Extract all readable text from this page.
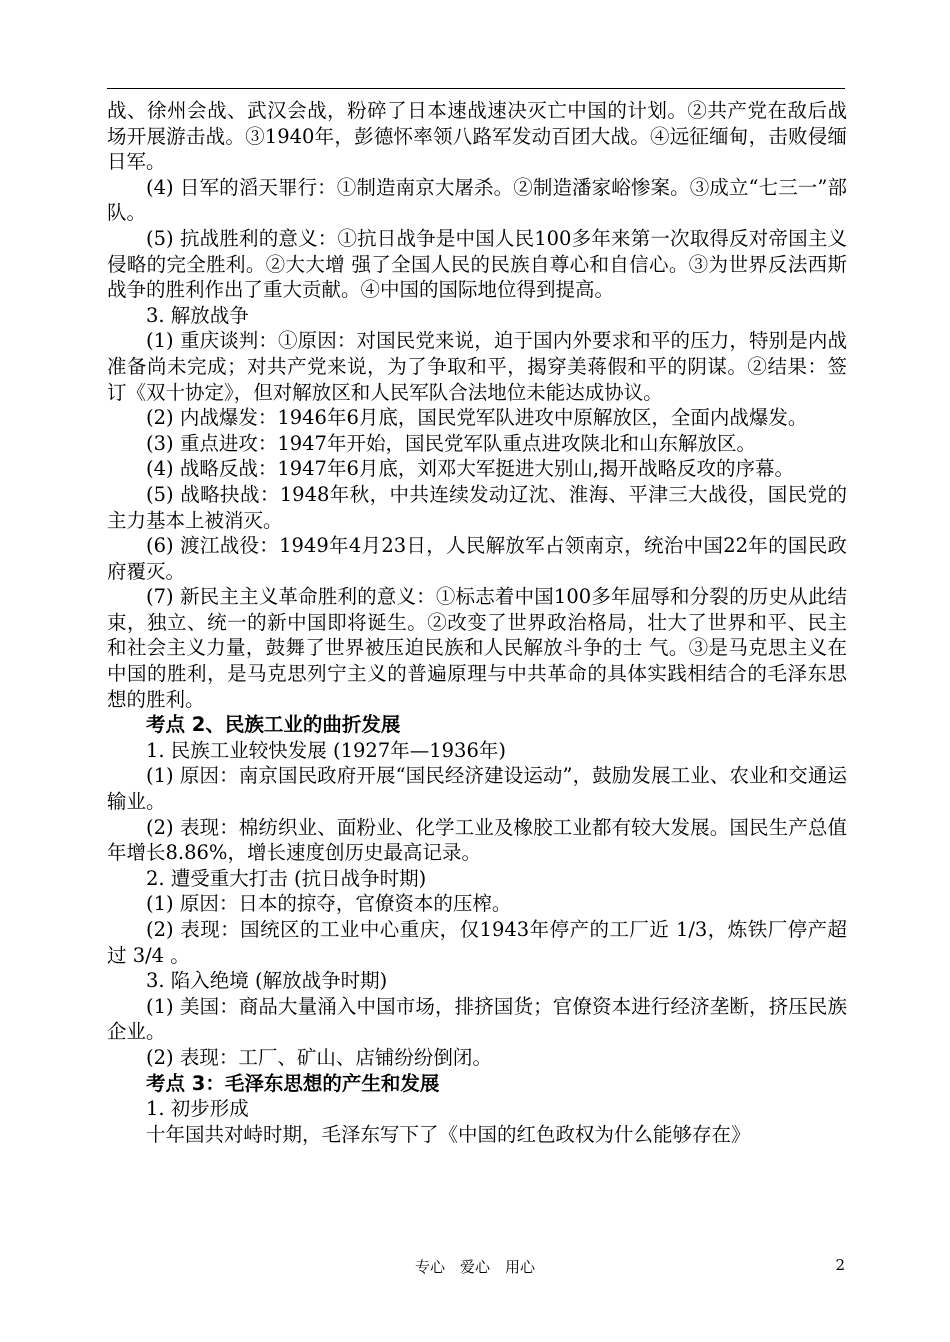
战、徐州会战、武汉会战，粉碎了日本速战速决灭亡中国的计划。②共产党在敌后战场开展游击战。③1940年，彭德怀率领八路军发动百团大战。④远征缅甸，击败侵缅日军。

(4) 日军的滔天罪行：①制造南京大屠杀。②制造潘家峪惨案。③成立“七三一”部队。

(5) 抗战胜利的意义：①抗日战争是中国人民100多年来第一次取得反对帝国主义侵略的完全胜利。②大大增 强了全国人民的民族自尊心和自信心。③为世界反法西斯战争的胜利作出了重大贡献。④中国的国际地位得到提高。

3. 解放战争

(1) 重庆谈判：①原因：对国民党来说，迫于国内外要求和平的压力，特别是内战准备尚未完成；对共产党来说，为了争取和平，揭穿美蒋假和平的阴谋。②结果：签订《双十协定》，但对解放区和人民军队合法地位未能达成协议。

(2) 内战爆发：1946年6月底，国民党军队进攻中原解放区，全面内战爆发。

(3) 重点进攻：1947年开始，国民党军队重点进攻陕北和山东解放区。

(4) 战略反战：1947年6月底，刘邓大军挺进大别山,揭开战略反攻的序幕。

(5) 战略抉战：1948年秋，中共连续发动辽沈、淮海、平津三大战役，国民党的主力基本上被消灭。

(6) 渡江战役：1949年4月23日，人民解放军占领南京，统治中国22年的国民政府覆灭。

(7) 新民主主义革命胜利的意义：①标志着中国100多年屈辱和分裂的历史从此结束，独立、统一的新中国即将诞生。②改变了世界政治格局，壮大了世界和平、民主和社会主义力量，鼓舞了世界被压迫民族和人民解放斗争的士 气。③是马克思主义在中国的胜利，是马克思列宁主义的普遍原理与中共革命的具体实践相结合的毛泽东思想的胜利。

考点 2、民族工业的曲折发展

1. 民族工业较快发展 (1927年—1936年)

(1) 原因：南京国民政府开展“国民经济建设运动”，鼓励发展工业、农业和交通运输业。

(2) 表现：棉纺织业、面粉业、化学工业及橡胶工业都有较大发展。国民生产总值年增长8.86%，增长速度创历史最高记录。

2. 遭受重大打击 (抗日战争时期)

(1) 原因：日本的掠夺，官僚资本的压榨。

(2) 表现：国统区的工业中心重庆，仅1943年停产的工厂近 1/3，炼铁厂停产超过 3/4 。

3. 陷入绝境 (解放战争时期)

(1) 美国：商品大量涌入中国市场，排挤国货；官僚资本进行经济垄断，挤压民族企业。

(2) 表现：工厂、矿山、店铺纷纷倒闭。

考点 3：毛泽东思想的产生和发展

1. 初步形成

十年国共对峙时期，毛泽东写下了《中国的红色政权为什么能够存在》

专心　爱心　用心	2
